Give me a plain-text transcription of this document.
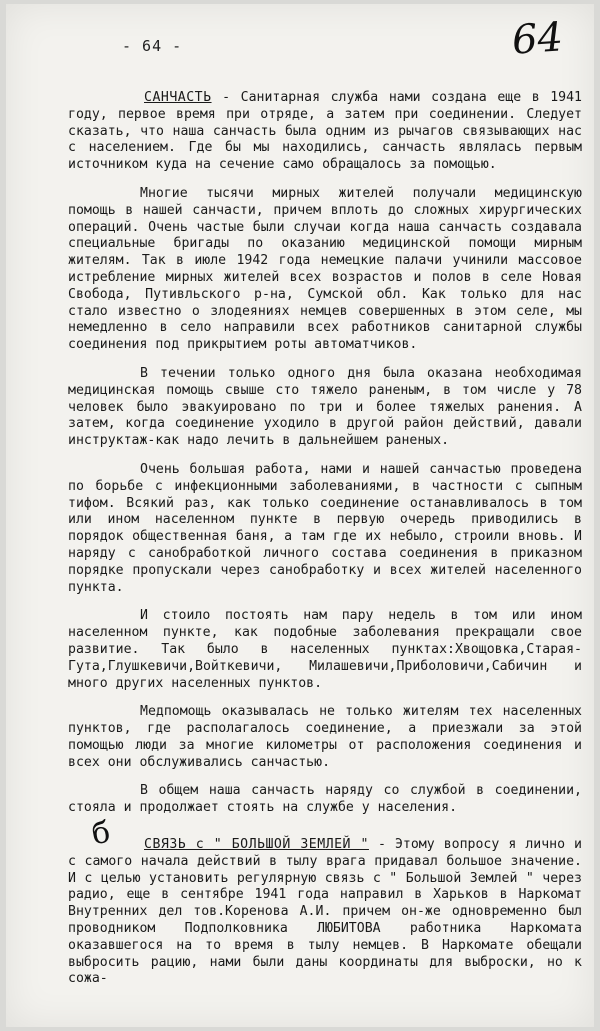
- 64 -	64

САНЧАСТЬ - Санитарная служба нами создана еще в 1941 году, первое время при отряде, а затем при соединении. Следует сказать, что наша санчасть была одним из рычагов связывающих нас с населением. Где бы мы находились, санчасть являлась первым источником куда на сечение само обращалось за помощью.

Многие тысячи мирных жителей получали медицинскую помощь в нашей санчасти, причем вплоть до сложных хирургических операций. Очень частые были случаи когда наша санчасть создавала специальные бригады по оказанию медицинской помощи мирным жителям. Так в июле 1942 года немецкие палачи учинили массовое истребление мирных жителей всех возрастов и полов в селе Новая Свобода, Путивльского р-на, Сумской обл. Как только для нас стало известно о злодеяниях немцев совершенных в этом селе, мы немедленно в село направили всех работников санитарной службы соединения под прикрытием роты автоматчиков.

В течении только одного дня была оказана необходимая медицинская помощь свыше сто тяжело раненым, в том числе у 78 человек было эвакуировано по три и более тяжелых ранения. А затем, когда соединение уходило в другой район действий, давали инструктаж-как надо лечить в дальнейшем раненых.

Очень большая работа, нами и нашей санчастью проведена по борьбе с инфекционными заболеваниями, в частности с сыпным тифом. Всякий раз, как только соединение останавливалось в том или ином населенном пункте в первую очередь приводились в порядок общественная баня, а там где их небыло, строили вновь. И наряду с санобработкой личного состава соединения в приказном порядке пропускали через санобработку и всех жителей населенного пункта.

И стоило постоять нам пару недель в том или ином населенном пункте, как подобные заболевания прекращали свое развитие. Так было в населенных пунктах:Хвощовка,Старая-Гута,Глушкевичи,Войткевичи, Милашевичи,Приболовичи,Сабичин и много других населенных пунктов.

Медпомощь оказывалась не только жителям тех населенных пунктов, где располагалось соединение, а приезжали за этой помощью люди за многие километры от расположения соединения и всех они обслуживались санчастью.

В общем наша санчасть наряду со службой в соединении, стояла и продолжает стоять на службе у населения.

СВЯЗЬ с " БОЛЬШОЙ ЗЕМЛЕЙ " - Этому вопросу я лично и с самого начала действий в тылу врага придавал большое значение. И с целью установить регулярную связь с " Большой Землей " через радио, еще в сентябре 1941 года направил в Харьков в Наркомат Внутренних дел тов.Коренова А.И. причем он-же одновременно был проводником Подполковника ЛЮБИТОВА работника Наркомата оказавшегося на то время в тылу немцев. В Наркомате обещали выбросить рацию, нами были даны координаты для выброски, но к сожа-

б
